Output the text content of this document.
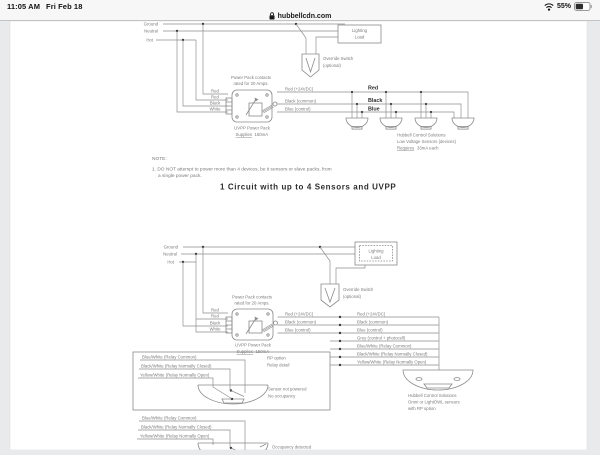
11:05 AM Fri Feb 18	55%
hubbellcdn.com
Ground
Neutral
Hot
Override Switch
(optional)
Lighting
Load
Power Pack contacts
rated for 20 Amps.
Red
Red
Black
White
UVPP Power Pack
Supplies 150mA
Red (+24VDC)
Black (common)
Blue (control)
Red
Black
Blue
Hubbell Control Solutions
Low Voltage Sensors (devices)
Requires 33mA each
NOTE:
1. DO NOT attempt to power more than 4 devices, be it sensors or slave packs, from
a single power pack.
1 Circuit with up to 4 Sensors and UVPP
Ground
Neutral
Hot
Override Switch
(optional)
Lighting
Load
Power Pack contacts
rated for 20 Amps.
Red
Red
Black
White
UVPP Power Pack
Supplies 150mA
Red (+24VDC)
Black (common)
Blue (control)
Red (+24VDC)
Black (common)
Blue (control)
Grey (control + photocell)
Blue/White (Relay Common)
Black/White (Relay Normally Closed)
Yellow/White (Relay Normally Open)
Hubbell Control Solutions
Omni or LightOWL sensors
with RP option
Blue/White (Relay Common)
Black/White (Relay Normally Closed)
Yellow/White (Relay Normally Open)
RP option
Relay detail
Sensor not powered
No occupancy
Blue/White (Relay Common)
Black/White (Relay Normally Closed)
Yellow/White (Relay Normally Open)
Occupancy detected
